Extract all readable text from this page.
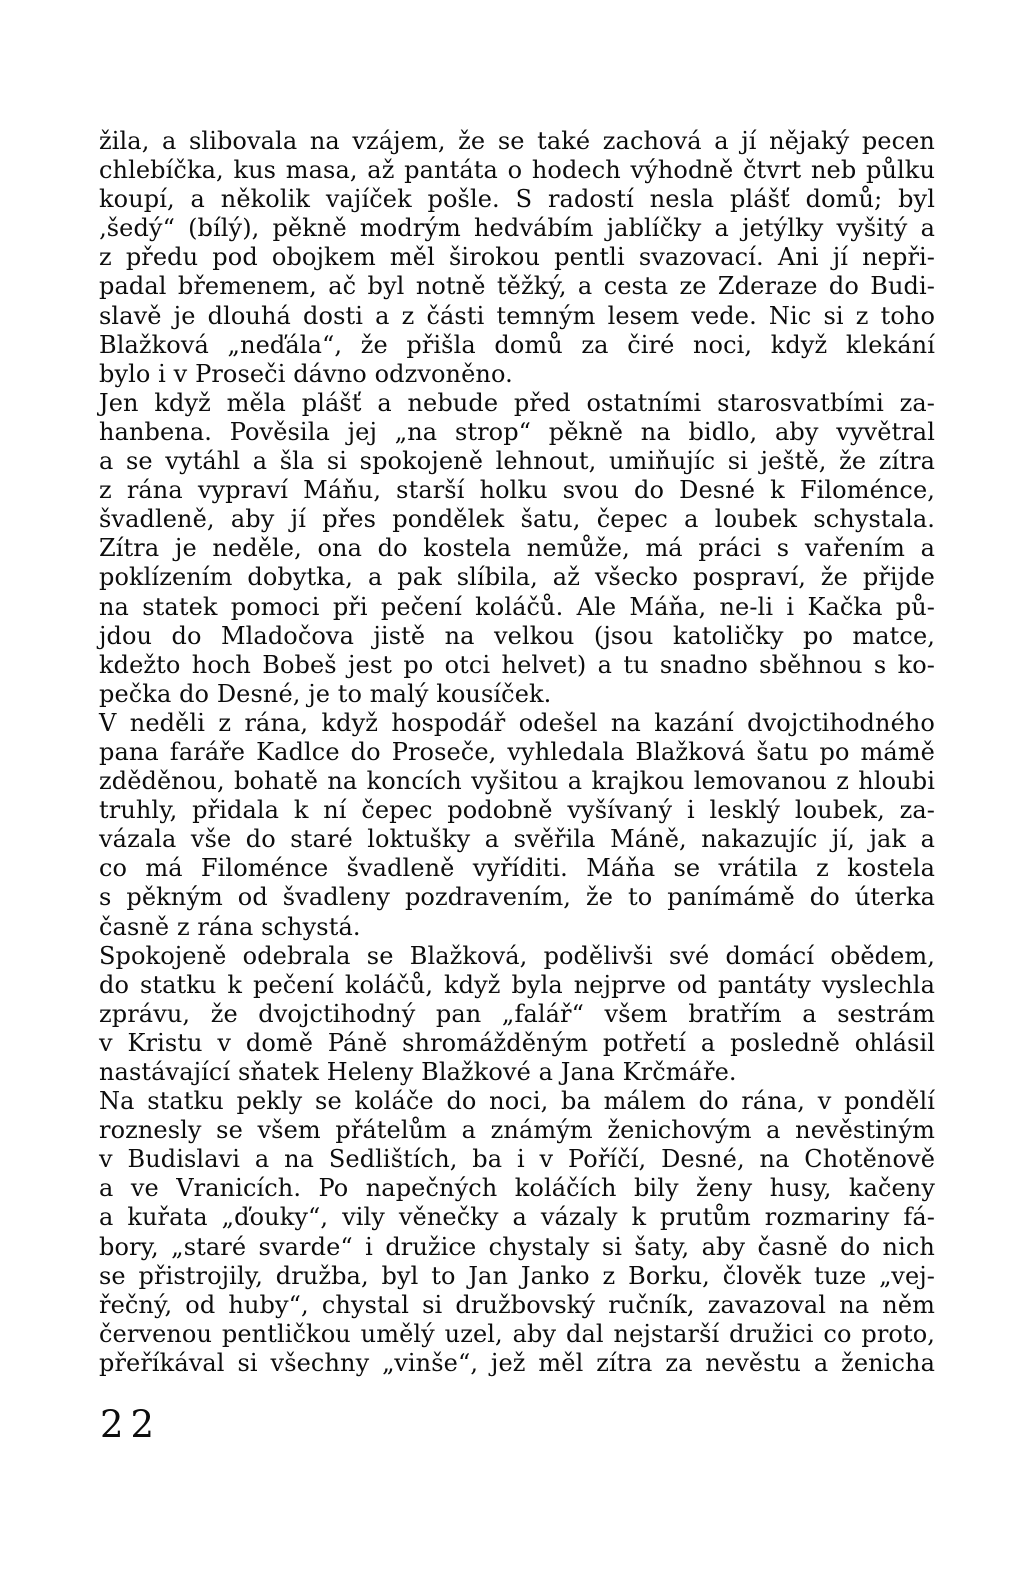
žila, a slibovala na vzájem, že se také zachová a jí nějaký pecen
chlebíčka, kus masa, až pantáta o hodech výhodně čtvrt neb půlku
koupí, a několik vajíček pošle. S radostí nesla plášť domů; byl
‚šedý“ (bílý), pěkně modrým hedvábím jablíčky a jetýlky vyšitý a
z předu pod obojkem měl širokou pentli svazovací. Ani jí nepři-
padal břemenem, ač byl notně těžký, a cesta ze Zderaze do Budi-
slavě je dlouhá dosti a z části temným lesem vede. Nic si z toho
Blažková „neďála“, že přišla domů za čiré noci, když klekání
bylo i v Proseči dávno odzvoněno.
Jen když měla plášť a nebude před ostatními starosvatbími za-
hanbena. Pověsila jej „na strop“ pěkně na bidlo, aby vyvětral
a se vytáhl a šla si spokojeně lehnout, umiňujíc si ještě, že zítra
z rána vypraví Máňu, starší holku svou do Desné k Filoménce,
švadleně, aby jí přes pondělek šatu, čepec a loubek schystala.
Zítra je neděle, ona do kostela nemůže, má práci s vařením a
poklízením dobytka, a pak slíbila, až všecko pospraví, že přijde
na statek pomoci při pečení koláčů. Ale Máňa, ne-li i Kačka pů-
jdou do Mladočova jistě na velkou (jsou katoličky po matce,
kdežto hoch Bobeš jest po otci helvet) a tu snadno sběhnou s ko-
pečka do Desné, je to malý kousíček.
V neděli z rána, když hospodář odešel na kazání dvojctihodného
pana faráře Kadlce do Proseče, vyhledala Blažková šatu po mámě
zděděnou, bohatě na koncích vyšitou a krajkou lemovanou z hloubi
truhly, přidala k ní čepec podobně vyšívaný i lesklý loubek, za-
vázala vše do staré loktušky a svěřila Máně, nakazujíc jí, jak a
co má Filoménce švadleně vyříditi. Máňa se vrátila z kostela
s pěkným od švadleny pozdravením, že to panímámě do úterka
časně z rána schystá.
Spokojeně odebrala se Blažková, podělivši své domácí obědem,
do statku k pečení koláčů, když byla nejprve od pantáty vyslechla
zprávu, že dvojctihodný pan „falář“ všem bratřím a sestrám
v Kristu v domě Páně shromážděným potřetí a posledně ohlásil
nastávající sňatek Heleny Blažkové a Jana Krčmáře.
Na statku pekly se koláče do noci, ba málem do rána, v pondělí
roznesly se všem přátelům a známým ženichovým a nevěstiným
v Budislavi a na Sedlištích, ba i v Poříčí, Desné, na Chotěnově
a ve Vranicích. Po napečných koláčích bily ženy husy, kačeny
a kuřata „ďouky“, vily věnečky a vázaly k prutům rozmariny fá-
bory, „staré svarde“ i družice chystaly si šaty, aby časně do nich
se přistrojily, družba, byl to Jan Janko z Borku, člověk tuze „vej-
řečný, od huby“, chystal si družbovský ručník, zavazoval na něm
červenou pentličkou umělý uzel, aby dal nejstarší družici co proto,
přeříkával si všechny „vinše“, jež měl zítra za nevěstu a ženicha
22
